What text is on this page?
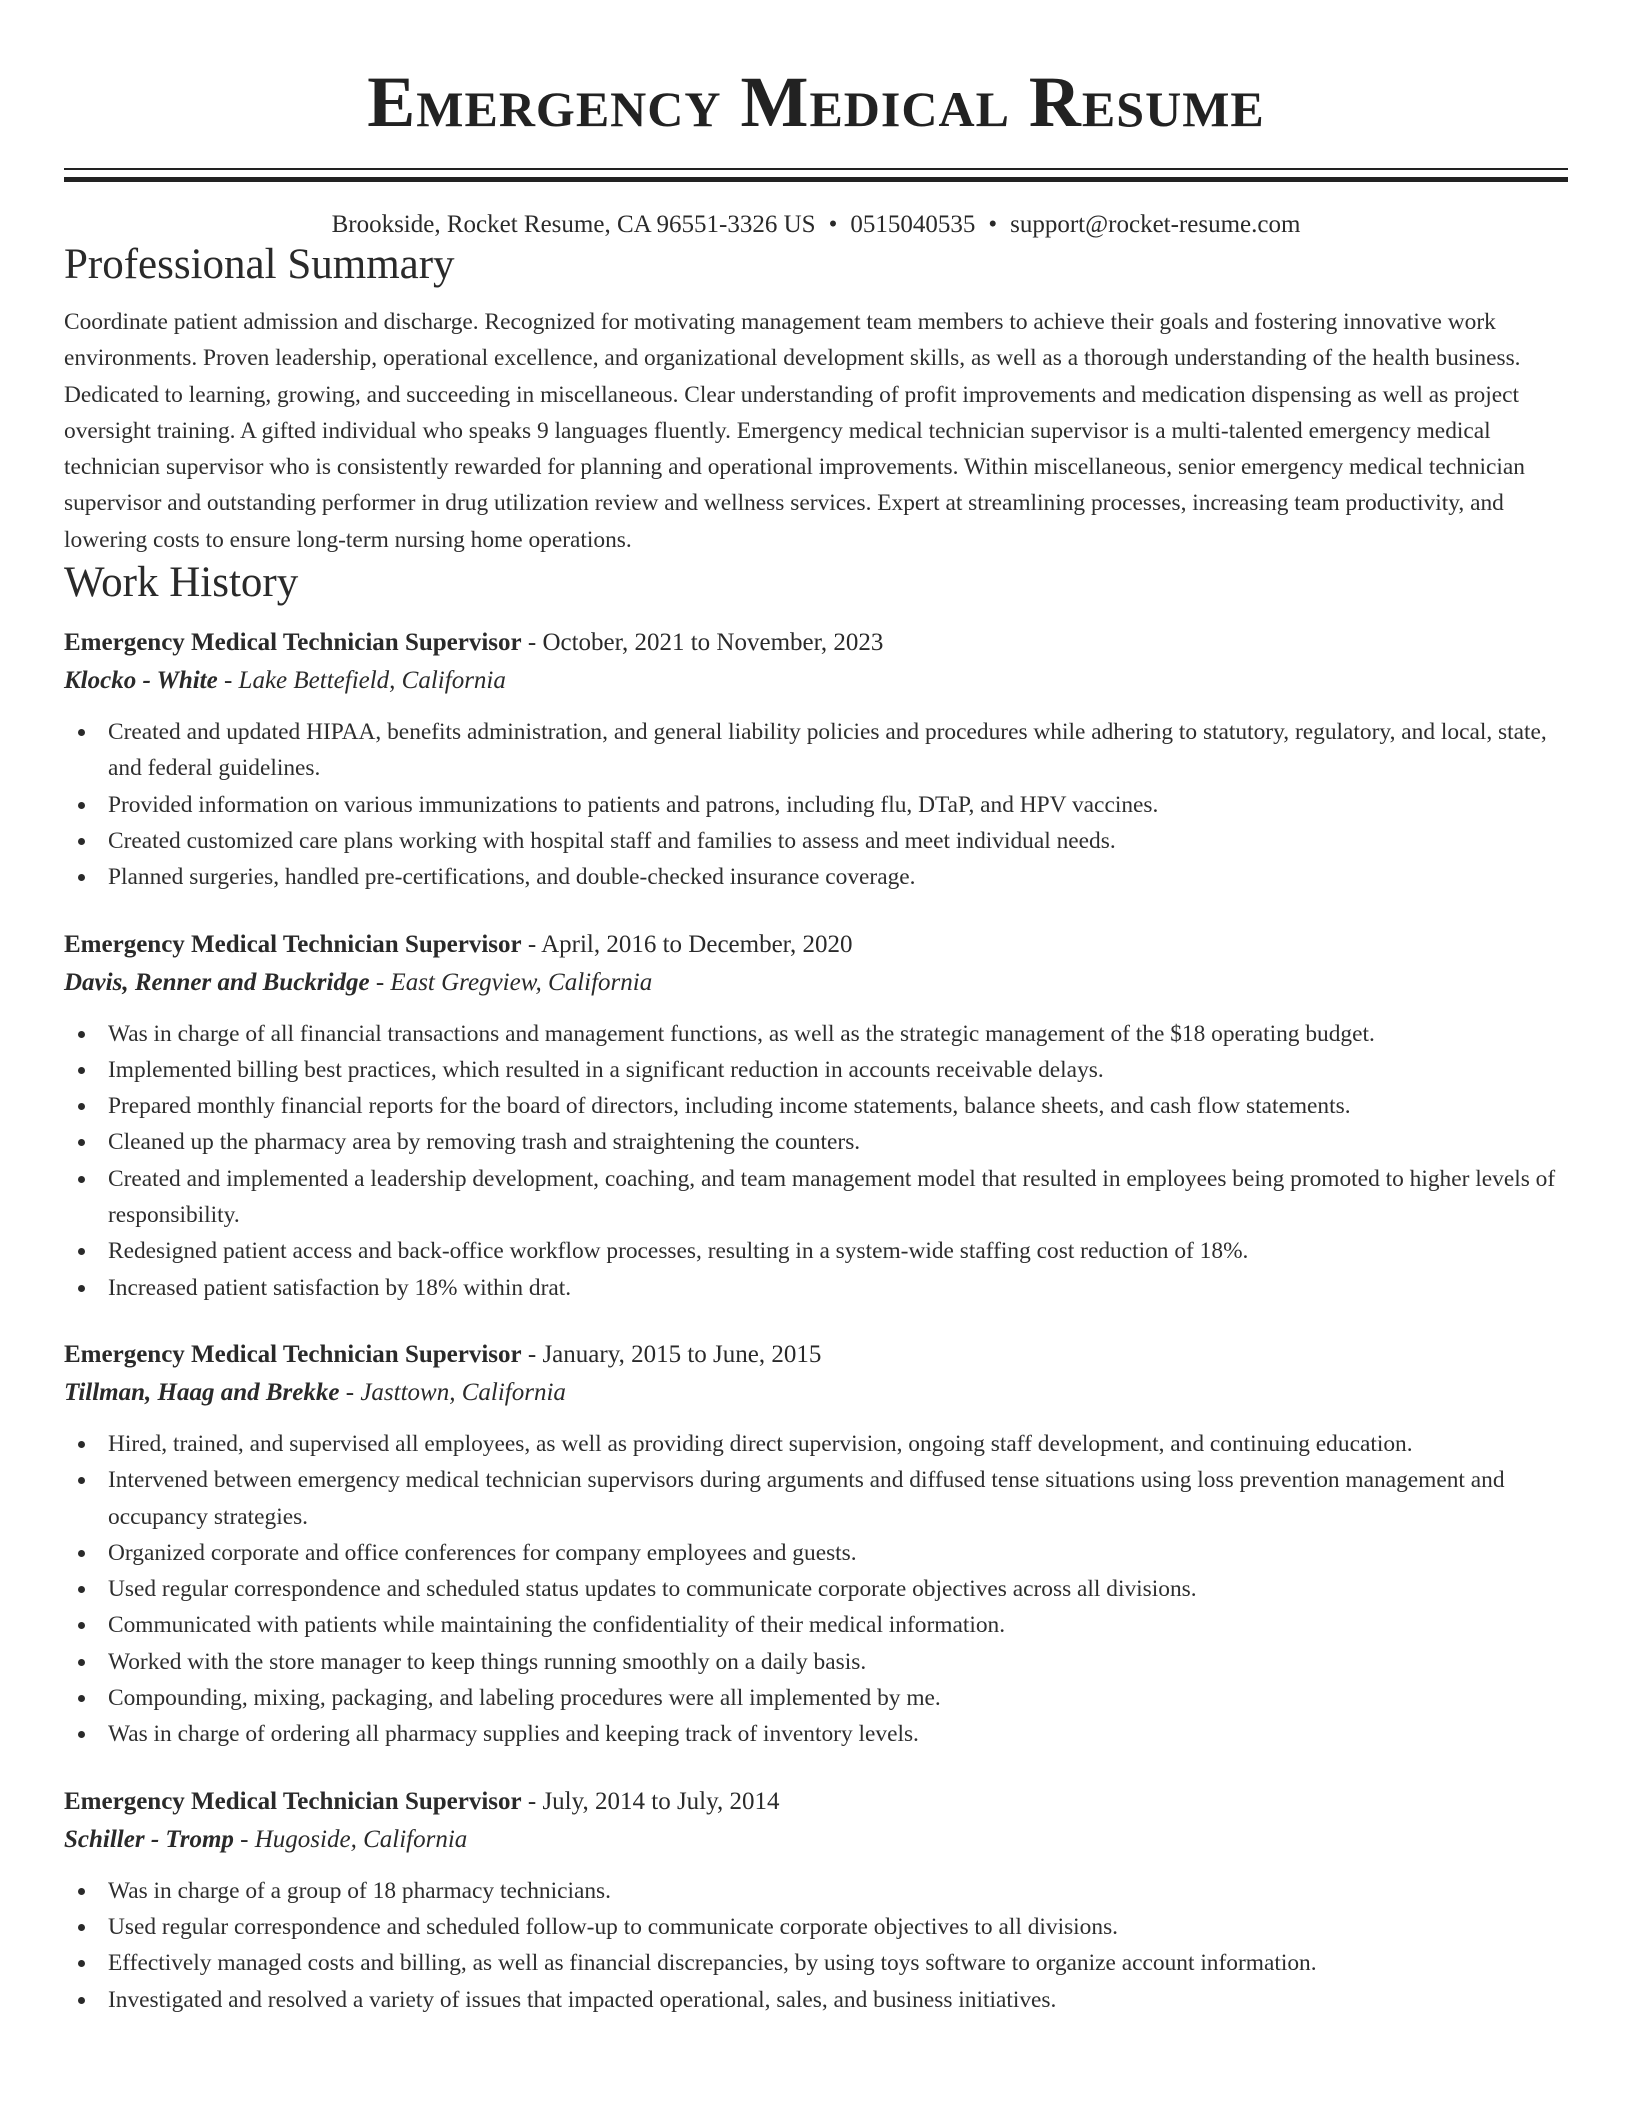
Emergency Medical Resume
Brookside, Rocket Resume, CA 96551-3326 US • 0515040535 • support@rocket-resume.com
Professional Summary

Coordinate patient admission and discharge. Recognized for motivating management team members to achieve their goals and fostering innovative work environments. Proven leadership, operational excellence, and organizational development skills, as well as a thorough understanding of the health business. Dedicated to learning, growing, and succeeding in miscellaneous. Clear understanding of profit improvements and medication dispensing as well as project oversight training. A gifted individual who speaks 9 languages fluently. Emergency medical technician supervisor is a multi-talented emergency medical technician supervisor who is consistently rewarded for planning and operational improvements. Within miscellaneous, senior emergency medical technician supervisor and outstanding performer in drug utilization review and wellness services. Expert at streamlining processes, increasing team productivity, and lowering costs to ensure long-term nursing home operations.

Work History
Emergency Medical Technician Supervisor - October, 2021 to November, 2023
Klocko - White - Lake Bettefield, California
Created and updated HIPAA, benefits administration, and general liability policies and procedures while adhering to statutory, regulatory, and local, state, and federal guidelines.
Provided information on various immunizations to patients and patrons, including flu, DTaP, and HPV vaccines.
Created customized care plans working with hospital staff and families to assess and meet individual needs.
Planned surgeries, handled pre-certifications, and double-checked insurance coverage.
Emergency Medical Technician Supervisor - April, 2016 to December, 2020
Davis, Renner and Buckridge - East Gregview, California
Was in charge of all financial transactions and management functions, as well as the strategic management of the $18 operating budget.
Implemented billing best practices, which resulted in a significant reduction in accounts receivable delays.
Prepared monthly financial reports for the board of directors, including income statements, balance sheets, and cash flow statements.
Cleaned up the pharmacy area by removing trash and straightening the counters.
Created and implemented a leadership development, coaching, and team management model that resulted in employees being promoted to higher levels of responsibility.
Redesigned patient access and back-office workflow processes, resulting in a system-wide staffing cost reduction of 18%.
Increased patient satisfaction by 18% within drat.
Emergency Medical Technician Supervisor - January, 2015 to June, 2015
Tillman, Haag and Brekke - Jasttown, California
Hired, trained, and supervised all employees, as well as providing direct supervision, ongoing staff development, and continuing education.
Intervened between emergency medical technician supervisors during arguments and diffused tense situations using loss prevention management and occupancy strategies.
Organized corporate and office conferences for company employees and guests.
Used regular correspondence and scheduled status updates to communicate corporate objectives across all divisions.
Communicated with patients while maintaining the confidentiality of their medical information.
Worked with the store manager to keep things running smoothly on a daily basis.
Compounding, mixing, packaging, and labeling procedures were all implemented by me.
Was in charge of ordering all pharmacy supplies and keeping track of inventory levels.
Emergency Medical Technician Supervisor - July, 2014 to July, 2014
Schiller - Tromp - Hugoside, California
Was in charge of a group of 18 pharmacy technicians.
Used regular correspondence and scheduled follow-up to communicate corporate objectives to all divisions.
Effectively managed costs and billing, as well as financial discrepancies, by using toys software to organize account information.
Investigated and resolved a variety of issues that impacted operational, sales, and business initiatives.
